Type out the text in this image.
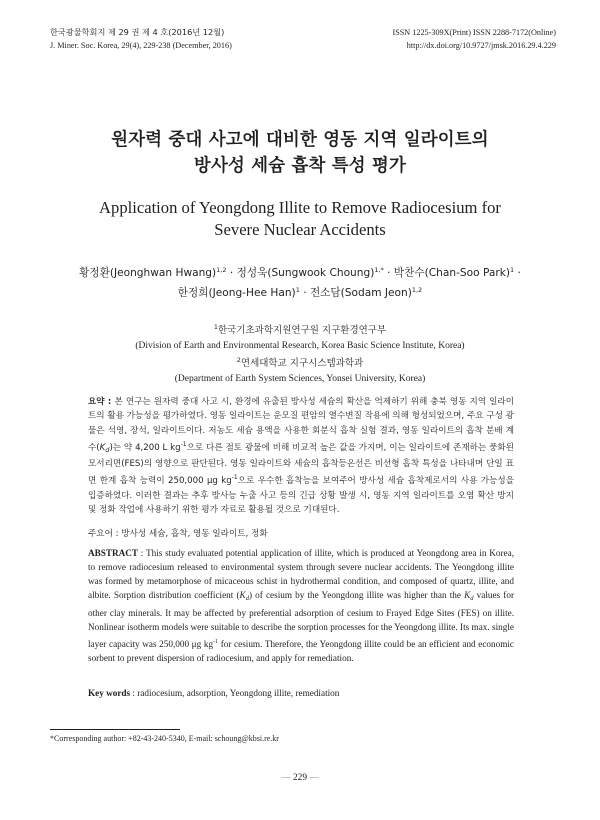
한국광물학회지 제 29 권 제 4 호(2016년 12월)
J. Miner. Soc. Korea, 29(4), 229-238 (December, 2016)
ISSN 1225-309X(Print) ISSN 2288-7172(Online)
http://dx.doi.org/10.9727/jmsk.2016.29.4.229
원자력 중대 사고에 대비한 영동 지역 일라이트의
방사성 세슘 흡착 특성 평가
Application of Yeongdong Illite to Remove Radiocesium for
Severe Nuclear Accidents
황정환(Jeonghwan Hwang)$^{1,2}$ · 정성욱(Sungwook Choung)$^{1,*}$ · 박찬수(Chan-Soo Park)$^1$ ·
한정희(Jeong-Hee Han)$^1$ · 전소담(Sodam Jeon)$^{1,2}$
$^1$한국기초과학지원연구원 지구환경연구부
(Division of Earth and Environmental Research, Korea Basic Science Institute, Korea)
$^2$연세대학교 지구시스템과학과
(Department of Earth System Sciences, Yonsei University, Korea)
요약 : 본 연구는 원자력 중대 사고 시, 환경에 유출된 방사성 세슘의 확산을 억제하기 위해 충북 영동 지역 일라이트의 활용 가능성을 평가하였다. 영동 일라이트는 운모질 편암의 열수변질 작용에 의해 형성되었으며, 주요 구성 광물은 석영, 장석, 일라이트이다. 저농도 세슘 용액을 사용한 회분식 흡착 실험 결과, 영동 일라이트의 흡착 분배 계수$(K_d)$는 약 4,200 L $kg^{-1}$으로 다른 점토 광물에 비해 비교적 높은 값을 가지며, 이는 일라이트에 존재하는 풍화된 모서리면(FES)의 영향으로 판단된다. 영동 일라이트와 세슘의 흡착등온선은 비선형 흡착 특성을 나타내며 단일 표면 한계 흡착 능력이 250,000 μg $kg^{-1}$으로 우수한 흡착능을 보여주어 방사성 세슘 흡착제로서의 사용 가능성을 입증하였다. 이러한 결과는 추후 방사능 누출 사고 등의 긴급 상황 발생 시, 영동 지역 일라이트를 오염 확산 방지 및 정화 작업에 사용하기 위한 평가 자료로 활용될 것으로 기대된다.
주요어 : 방사성 세슘, 흡착, 영동 일라이트, 정화
ABSTRACT : This study evaluated potential application of illite, which is produced at Yeongdong area in Korea, to remove radiocesium released to environmental system through severe nuclear accidents. The Yeongdong illite was formed by metamorphose of micaceous schist in hydrothermal condition, and composed of quartz, illite, and albite. Sorption distribution coefficient $(K_d)$ of cesium by the Yeongdong illite was higher than the $K_d$ values for other clay minerals. It may be affected by preferential adsorption of cesium to Frayed Edge Sites (FES) on illite. Nonlinear isotherm models were suitable to describe the sorption processes for the Yeongdong illite. Its max. single layer capacity was 250,000 μg $kg^{-1}$ for cesium. Therefore, the Yeongdong illite could be an efficient and economic sorbent to prevent dispersion of radiocesium, and apply for remediation.
Key words : radiocesium, adsorption, Yeongdong illite, remediation
*Corresponding author: +82-43-240-5340, E-mail: schoung@kbsi.re.kr
— 229 —
